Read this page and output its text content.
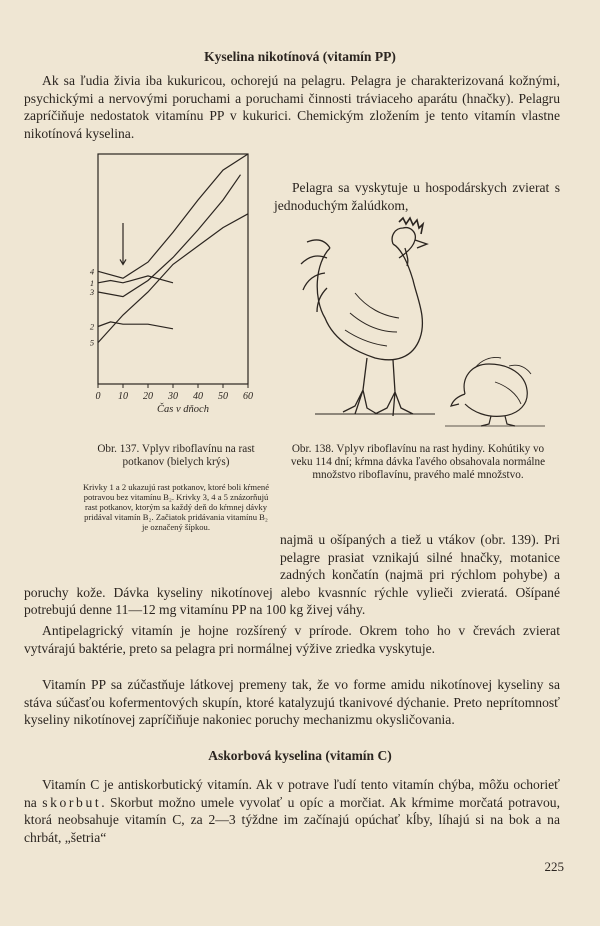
Kyselina nikotínová (vitamín PP)

Ak sa ľudia živia iba kukuricou, ochorejú na pelagru. Pelagra je charakterizovaná kožnými, psychickými a nervovými poruchami a poruchami činnosti tráviaceho aparátu (hnačky). Pelagru zapríčiňuje nedostatok vitamínu PP v kukurici. Chemickým zložením je tento vitamín vlastne nikotínová kyselina.

0 10 20 30 40 50 60
Čas v dňoch
1
2
3
4
5

Pelagra sa vyskytuje u hospodárskych zvierat s jednoduchým žalúdkom,

Obr. 137. Vplyv riboflavínu na rast potkanov (bielych krýs)

Krivky 1 a 2 ukazujú rast potkanov, ktoré boli kŕmené potravou bez vitamínu B₂. Krivky 3, 4 a 5 znázorňujú rast potkanov, ktorým sa každý deň do kŕmnej dávky pridával vitamín B₂. Začiatok pridávania vitamínu B₂ je označený šípkou.

Obr. 138. Vplyv riboflavínu na rast hydiny. Kohútiky vo veku 114 dní; kŕmna dávka ľavého obsahovala normálne množstvo riboflavínu, pravého malé množstvo.

najmä u ošípaných a tiež u vtákov (obr. 139). Pri pelagre prasiat vznikajú silné hnačky, motanice zadných končatín (najmä pri rýchlom pohybe) a poruchy kože. Dávka kyseliny nikotínovej alebo kvasnníc rýchle vylieči zvieratá. Ošípané potrebujú denne 11—12 mg vitamínu PP na 100 kg živej váhy.

Antipelagrický vitamín je hojne rozšírený v prírode. Okrem toho ho v črevách zvierat vytvárajú baktérie, preto sa pelagra pri normálnej výžive zriedka vyskytuje.

Vitamín PP sa zúčastňuje látkovej premeny tak, že vo forme amidu nikotínovej kyseliny sa stáva súčasťou kofermentových skupín, ktoré katalyzujú tkanivové dýchanie. Preto neprítomnosť kyseliny nikotínovej zapríčiňuje nakoniec poruchy mechanizmu okysličovania.

Askorbová kyselina (vitamín C)

Vitamín C je antiskorbutický vitamín. Ak v potrave ľudí tento vitamín chýba, môžu ochorieť na skorbut. Skorbut možno umele vyvolať u opíc a morčiat. Ak kŕmime morčatá potravou, ktorá neobsahuje vitamín C, za 2—3 týždne im začínajú opúchať kĺby, líhajú si na bok a na chrbát, „šetria“

225
